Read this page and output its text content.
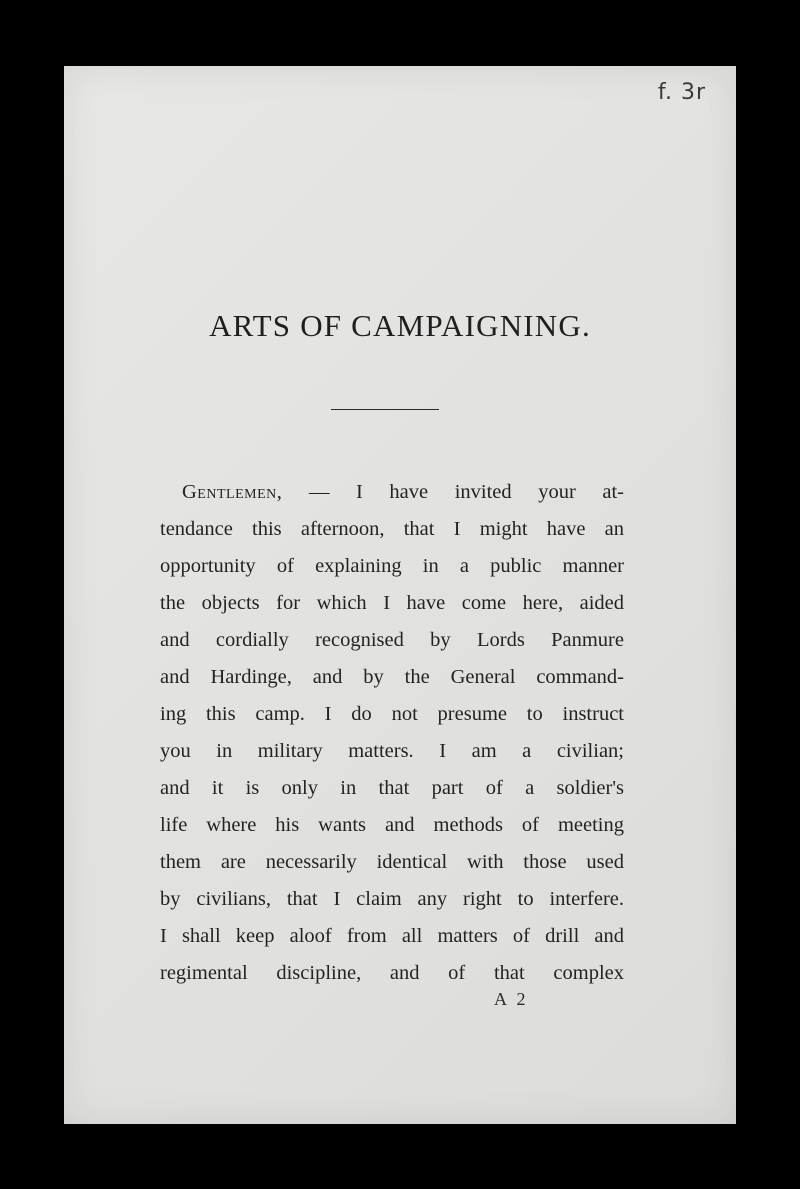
f. 3r
ARTS OF CAMPAIGNING.
Gentlemen, — I have invited your at-
tendance this afternoon, that I might have an
opportunity of explaining in a public manner
the objects for which I have come here, aided
and cordially recognised by Lords Panmure
and Hardinge, and by the General command-
ing this camp. I do not presume to instruct
you in military matters. I am a civilian;
and it is only in that part of a soldier's
life where his wants and methods of meeting
them are necessarily identical with those used
by civilians, that I claim any right to interfere.
I shall keep aloof from all matters of drill and
regimental discipline, and of that complex
A 2
